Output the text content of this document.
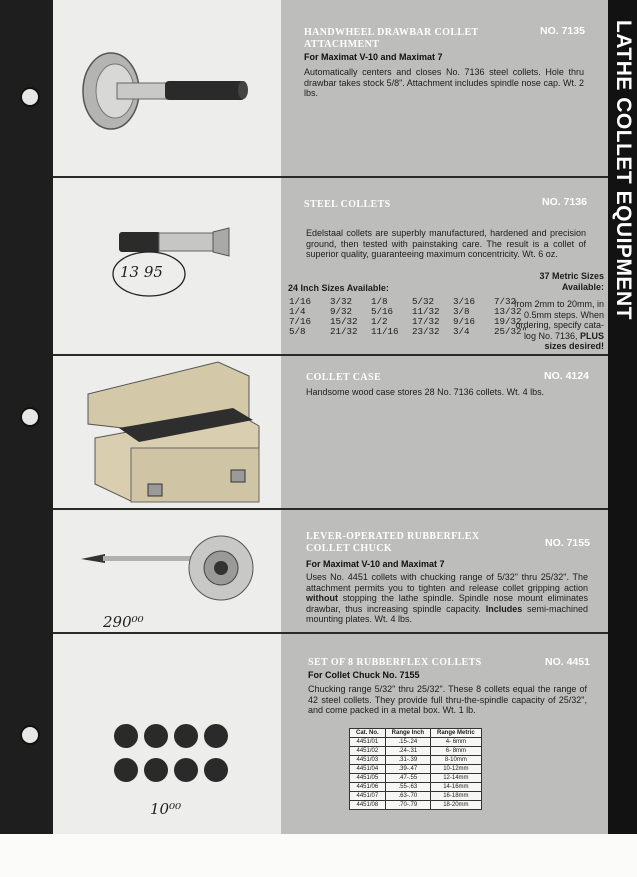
LATHE COLLET EQUIPMENT
HANDWHEEL DRAWBAR COLLET ATTACHMENT
NO. 7135
For Maximat V-10 and Maximat 7
Automatically centers and closes No. 7136 steel collets. Hole thru drawbar takes stock 5/8". Attachment includes spindle nose cap. Wt. 2 lbs.
13 95
STEEL COLLETS	NO. 7136
Edelstaal collets are superbly manufactured, hardened and precision ground, then tested with painstaking care. The result is a collet of superior quality, guaranteeing maximum concentricity. Wt. 6 oz.
24 Inch Sizes Available:
1/16	3/32	1/8	5/32	3/16	7/32
1/4	9/32	5/16	11/32	3/8	13/32
7/16	15/32	1/2	17/32	9/16	19/32
5/8	21/32	11/16	23/32	3/4	25/32"
37 Metric Sizes
Available:
from 2mm to 20mm, in
0.5mm steps. When
ordering, specify cata-
log No. 7136, PLUS
sizes desired!
COLLET CASE	NO. 4124
Handsome wood case stores 28 No. 7136 collets. Wt. 4 lbs.
290⁰⁰
LEVER-OPERATED RUBBERFLEX
COLLET CHUCK	NO. 7155
For Maximat V-10 and Maximat 7
Uses No. 4451 collets with chucking range of 5/32" thru 25/32". The attachment permits you to tighten and release collet gripping action without stopping the lathe spindle. Spindle nose mount eliminates drawbar, thus increasing spindle capacity. Includes semi-machined mounting plates. Wt. 4 lbs.
10⁰⁰
SET OF 8 RUBBERFLEX COLLETS	NO. 4451
For Collet Chuck No. 7155
Chucking range 5/32" thru 25/32". These 8 collets equal the range of 42 steel collets. They provide full thru-the-spindle capacity of 25/32", and come packed in a metal box. Wt. 1 lb.
Cat. No.	Range Inch	Range Metric
4451/01	.15-.24	4- 6mm
4451/02	.24-.31	6- 8mm
4451/03	.31-.39	8-10mm
4451/04	.39-.47	10-12mm
4451/05	.47-.55	12-14mm
4451/06	.55-.63	14-16mm
4451/07	.63-.70	16-18mm
4451/08	.70-.79	18-20mm
